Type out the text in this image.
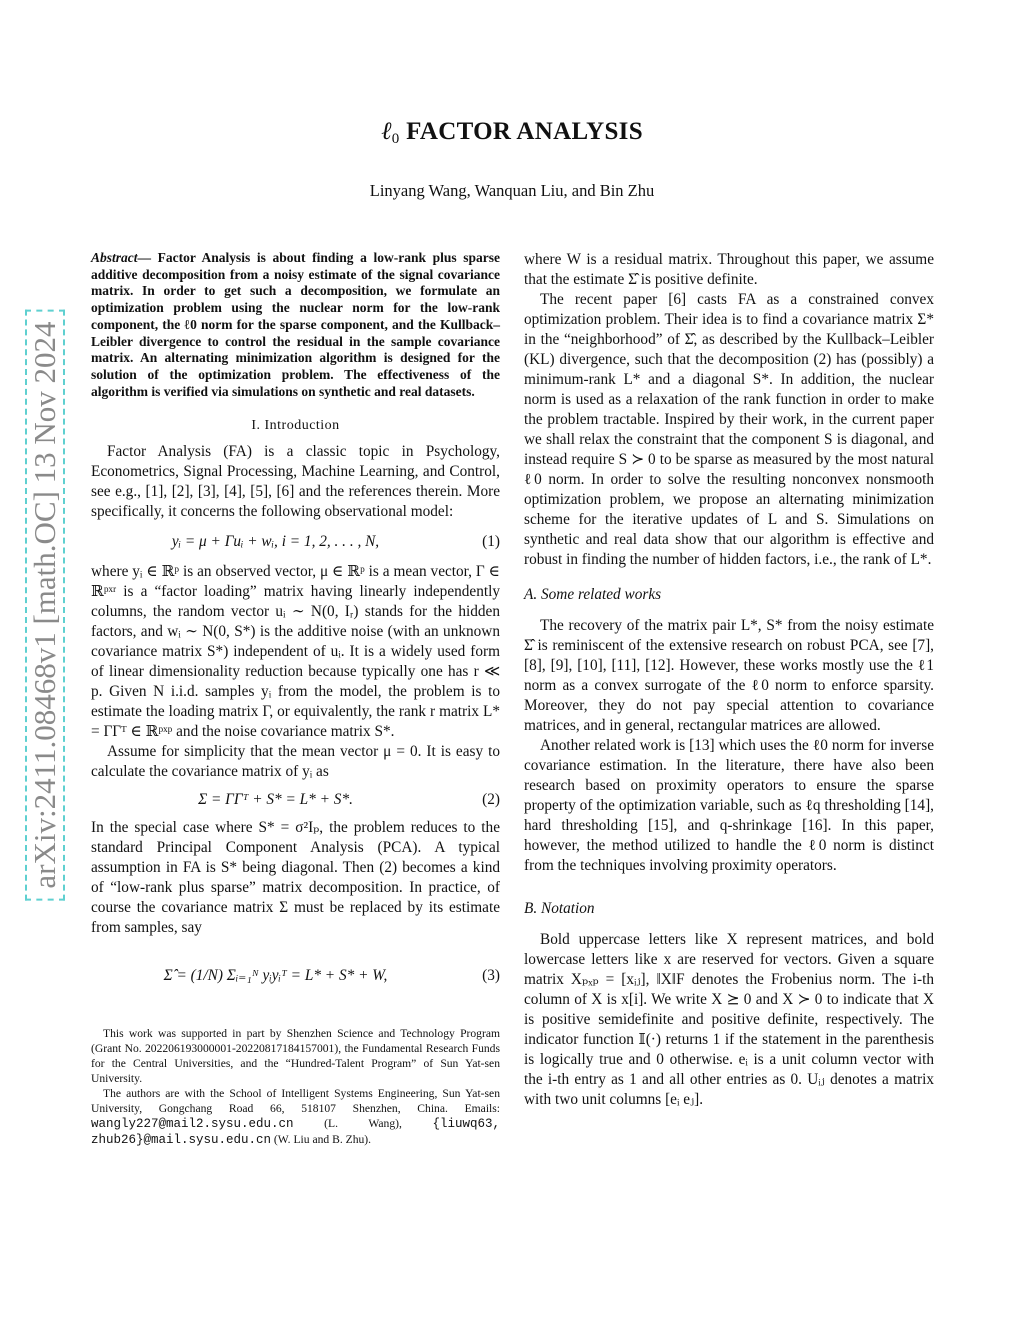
arXiv:2411.08468v1 [math.OC] 13 Nov 2024
ℓ$_0$ FACTOR ANALYSIS
Linyang Wang, Wanquan Liu, and Bin Zhu
Abstract— Factor Analysis is about finding a low-rank plus sparse additive decomposition from a noisy estimate of the signal covariance matrix. In order to get such a decomposition, we formulate an optimization problem using the nuclear norm for the low-rank component, the ℓ0 norm for the sparse component, and the Kullback–Leibler divergence to control the residual in the sample covariance matrix. An alternating minimization algorithm is designed for the solution of the optimization problem. The effectiveness of the algorithm is verified via simulations on synthetic and real datasets.

I. Introduction

Factor Analysis (FA) is a classic topic in Psychology, Econometrics, Signal Processing, Machine Learning, and Control, see e.g., [1], [2], [3], [4], [5], [6] and the references therein. More specifically, it concerns the following observational model:

yᵢ = μ + Γuᵢ + wᵢ, i = 1, 2, . . . , N,	(1)

where yᵢ ∈ ℝᵖ is an observed vector, μ ∈ ℝᵖ is a mean vector, Γ ∈ ℝᵖˣʳ is a “factor loading” matrix having linearly independently columns, the random vector uᵢ ∼ N(0, Iᵣ) stands for the hidden factors, and wᵢ ∼ N(0, S*) is the additive noise (with an unknown covariance matrix S*) independent of uᵢ. It is a widely used form of linear dimensionality reduction because typically one has r ≪ p. Given N i.i.d. samples yᵢ from the model, the problem is to estimate the loading matrix Γ, or equivalently, the rank r matrix L* = ΓΓᵀ ∈ ℝᵖˣᵖ and the noise covariance matrix S*.

Assume for simplicity that the mean vector μ = 0. It is easy to calculate the covariance matrix of yᵢ as

Σ = ΓΓᵀ + S* = L* + S*.	(2)

In the special case where S* = σ²Iₚ, the problem reduces to the standard Principal Component Analysis (PCA). A typical assumption in FA is S* being diagonal. Then (2) becomes a kind of “low-rank plus sparse” matrix decomposition. In practice, of course the covariance matrix Σ must be replaced by its estimate from samples, say

Σ̂ = (1/N) Σᵢ₌₁ᴺ yᵢyᵢᵀ = L* + S* + W,	(3)

This work was supported in part by Shenzhen Science and Technology Program (Grant No. 202206193000001-20220817184157001), the Fundamental Research Funds for the Central Universities, and the “Hundred-Talent Program” of Sun Yat-sen University.

The authors are with the School of Intelligent Systems Engineering, Sun Yat-sen University, Gongchang Road 66, 518107 Shenzhen, China. Emails: wangly227@mail2.sysu.edu.cn (L. Wang), {liuwq63, zhub26}@mail.sysu.edu.cn (W. Liu and B. Zhu).

where W is a residual matrix. Throughout this paper, we assume that the estimate Σ̂ is positive definite.

The recent paper [6] casts FA as a constrained convex optimization problem. Their idea is to find a covariance matrix Σ* in the “neighborhood” of Σ̂, as described by the Kullback–Leibler (KL) divergence, such that the decomposition (2) has (possibly) a minimum-rank L* and a diagonal S*. In addition, the nuclear norm is used as a relaxation of the rank function in order to make the problem tractable. Inspired by their work, in the current paper we shall relax the constraint that the component S is diagonal, and instead require S ≻ 0 to be sparse as measured by the most natural ℓ0 norm. In order to solve the resulting nonconvex nonsmooth optimization problem, we propose an alternating minimization scheme for the iterative updates of L and S. Simulations on synthetic and real data show that our algorithm is effective and robust in finding the number of hidden factors, i.e., the rank of L*.

A. Some related works

The recovery of the matrix pair L*, S* from the noisy estimate Σ̂ is reminiscent of the extensive research on robust PCA, see [7], [8], [9], [10], [11], [12]. However, these works mostly use the ℓ1 norm as a convex surrogate of the ℓ0 norm to enforce sparsity. Moreover, they do not pay special attention to covariance matrices, and in general, rectangular matrices are allowed.

Another related work is [13] which uses the ℓ0 norm for inverse covariance estimation. In the literature, there have also been research based on proximity operators to ensure the sparse property of the optimization variable, such as ℓq thresholding [14], hard thresholding [15], and q-shrinkage [16]. In this paper, however, the method utilized to handle the ℓ0 norm is distinct from the techniques involving proximity operators.

B. Notation

Bold uppercase letters like X represent matrices, and bold lowercase letters like x are reserved for vectors. Given a square matrix Xₚₓₚ = [xᵢⱼ], ‖X‖F denotes the Frobenius norm. The i-th column of X is x[i]. We write X ⪰ 0 and X ≻ 0 to indicate that X is positive semidefinite and positive definite, respectively. The indicator function 𝕀(·) returns 1 if the statement in the parenthesis is logically true and 0 otherwise. eᵢ is a unit column vector with the i-th entry as 1 and all other entries as 0. Uᵢⱼ denotes a matrix with two unit columns [eᵢ eⱼ].
